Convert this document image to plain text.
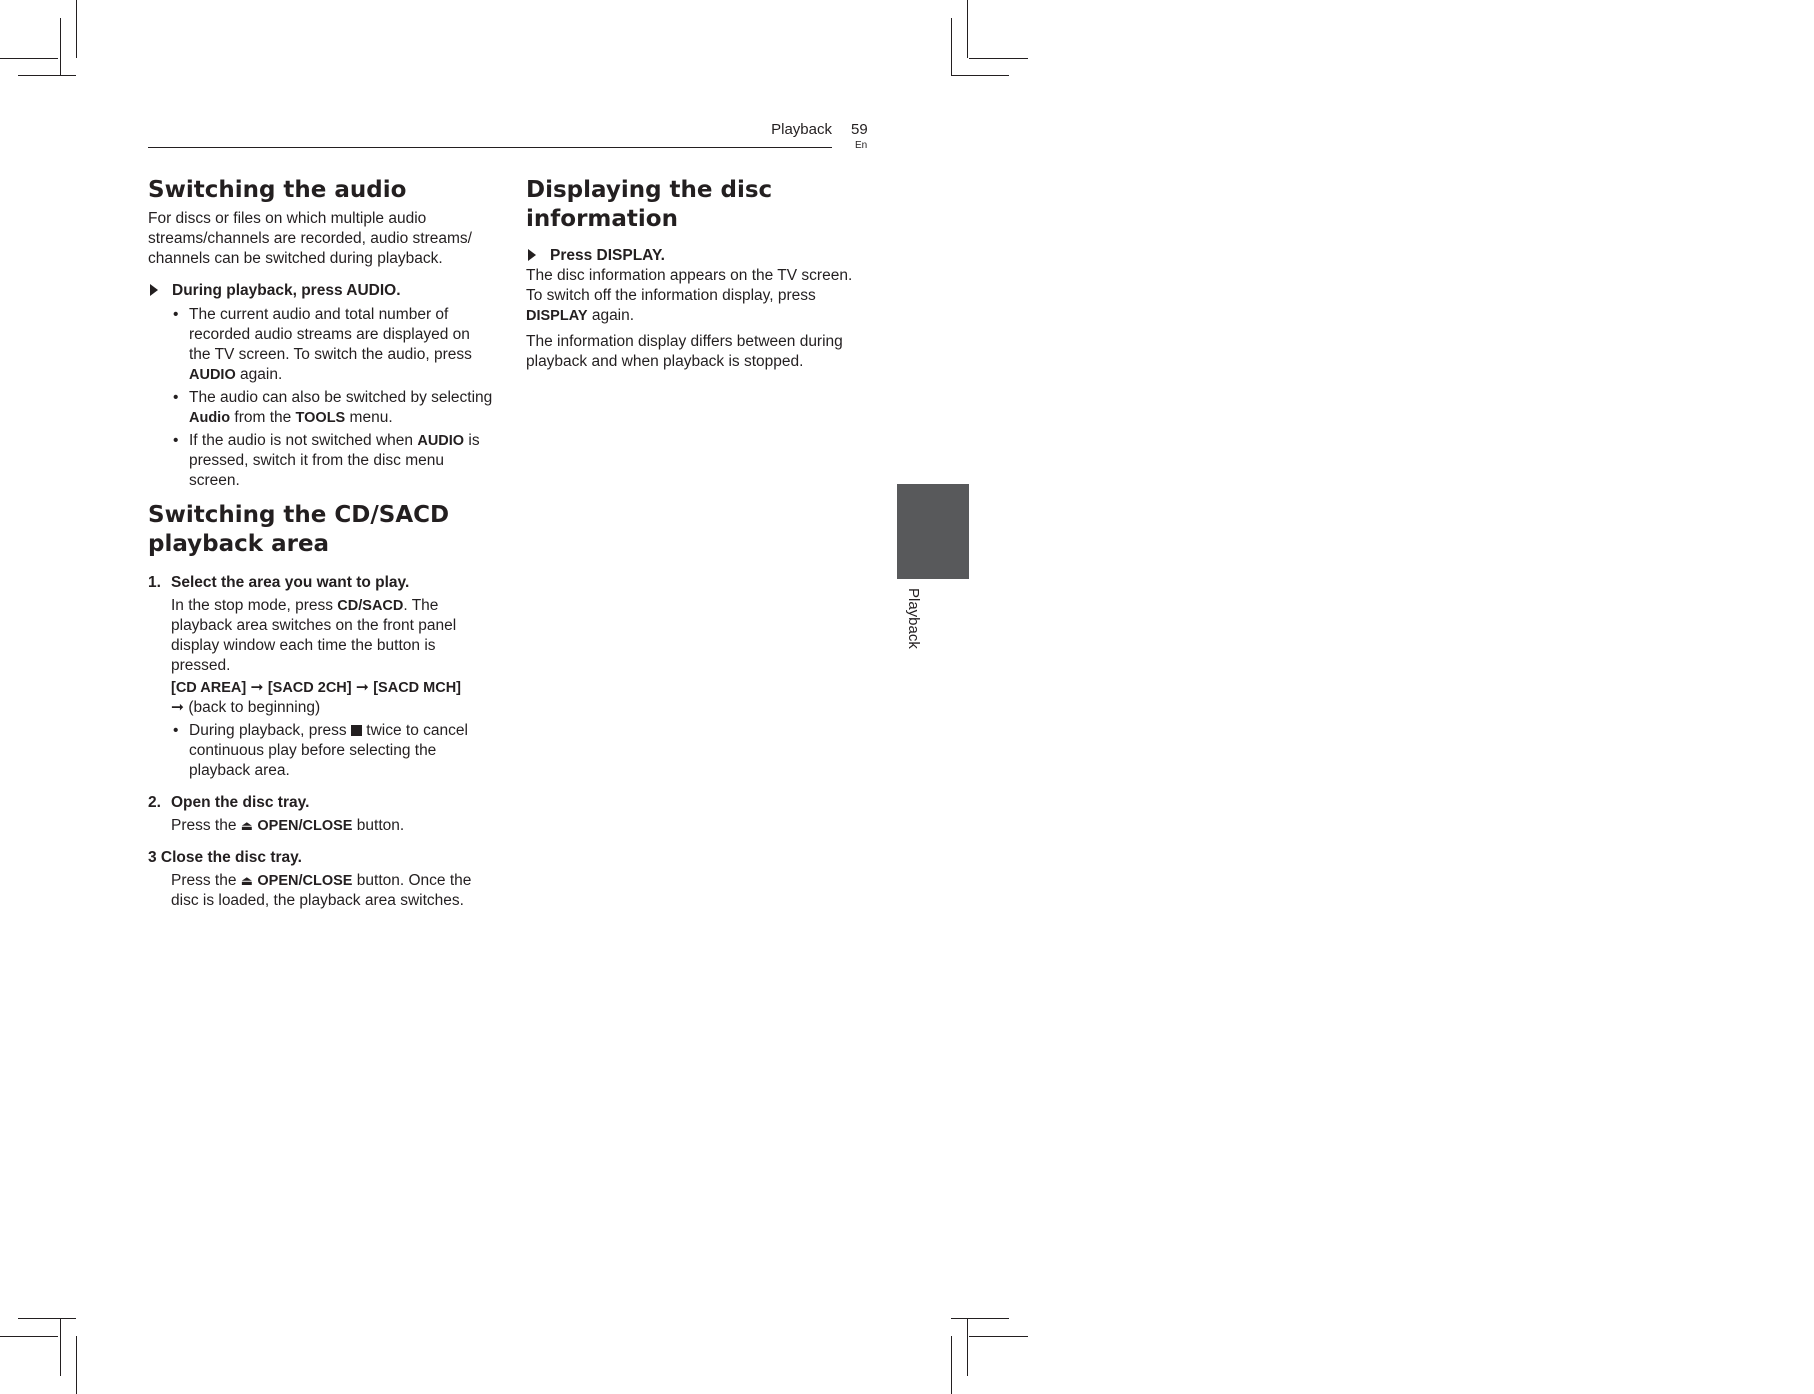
Playback 59
En
4
Playback
Switching the audio

For discs or files on which multiple audio streams/channels are recorded, audio streams/ channels can be switched during playback.

During playback, press AUDIO.
• The current audio and total number of recorded audio streams are displayed on the TV screen. To switch the audio, press AUDIO again.
• The audio can also be switched by selecting Audio from the TOOLS menu.
• If the audio is not switched when AUDIO is pressed, switch it from the disc menu screen.
Switching the CD/SACD playback area
1. Select the area you want to play.

In the stop mode, press CD/SACD. The playback area switches on the front panel display window each time the button is pressed.

[CD AREA] ➞ [SACD 2CH] ➞ [SACD MCH]
➞ (back to beginning)

• During playback, press  twice to cancel continuous play before selecting the playback area.
2. Open the disc tray.

Press the ⏏ OPEN/CLOSE button.

3 Close the disc tray.

Press the ⏏ OPEN/CLOSE button. Once the disc is loaded, the playback area switches.

Displaying the disc information
Press DISPLAY.

The disc information appears on the TV screen. To switch off the information display, press DISPLAY again.

The information display differs between during playback and when playback is stopped.
